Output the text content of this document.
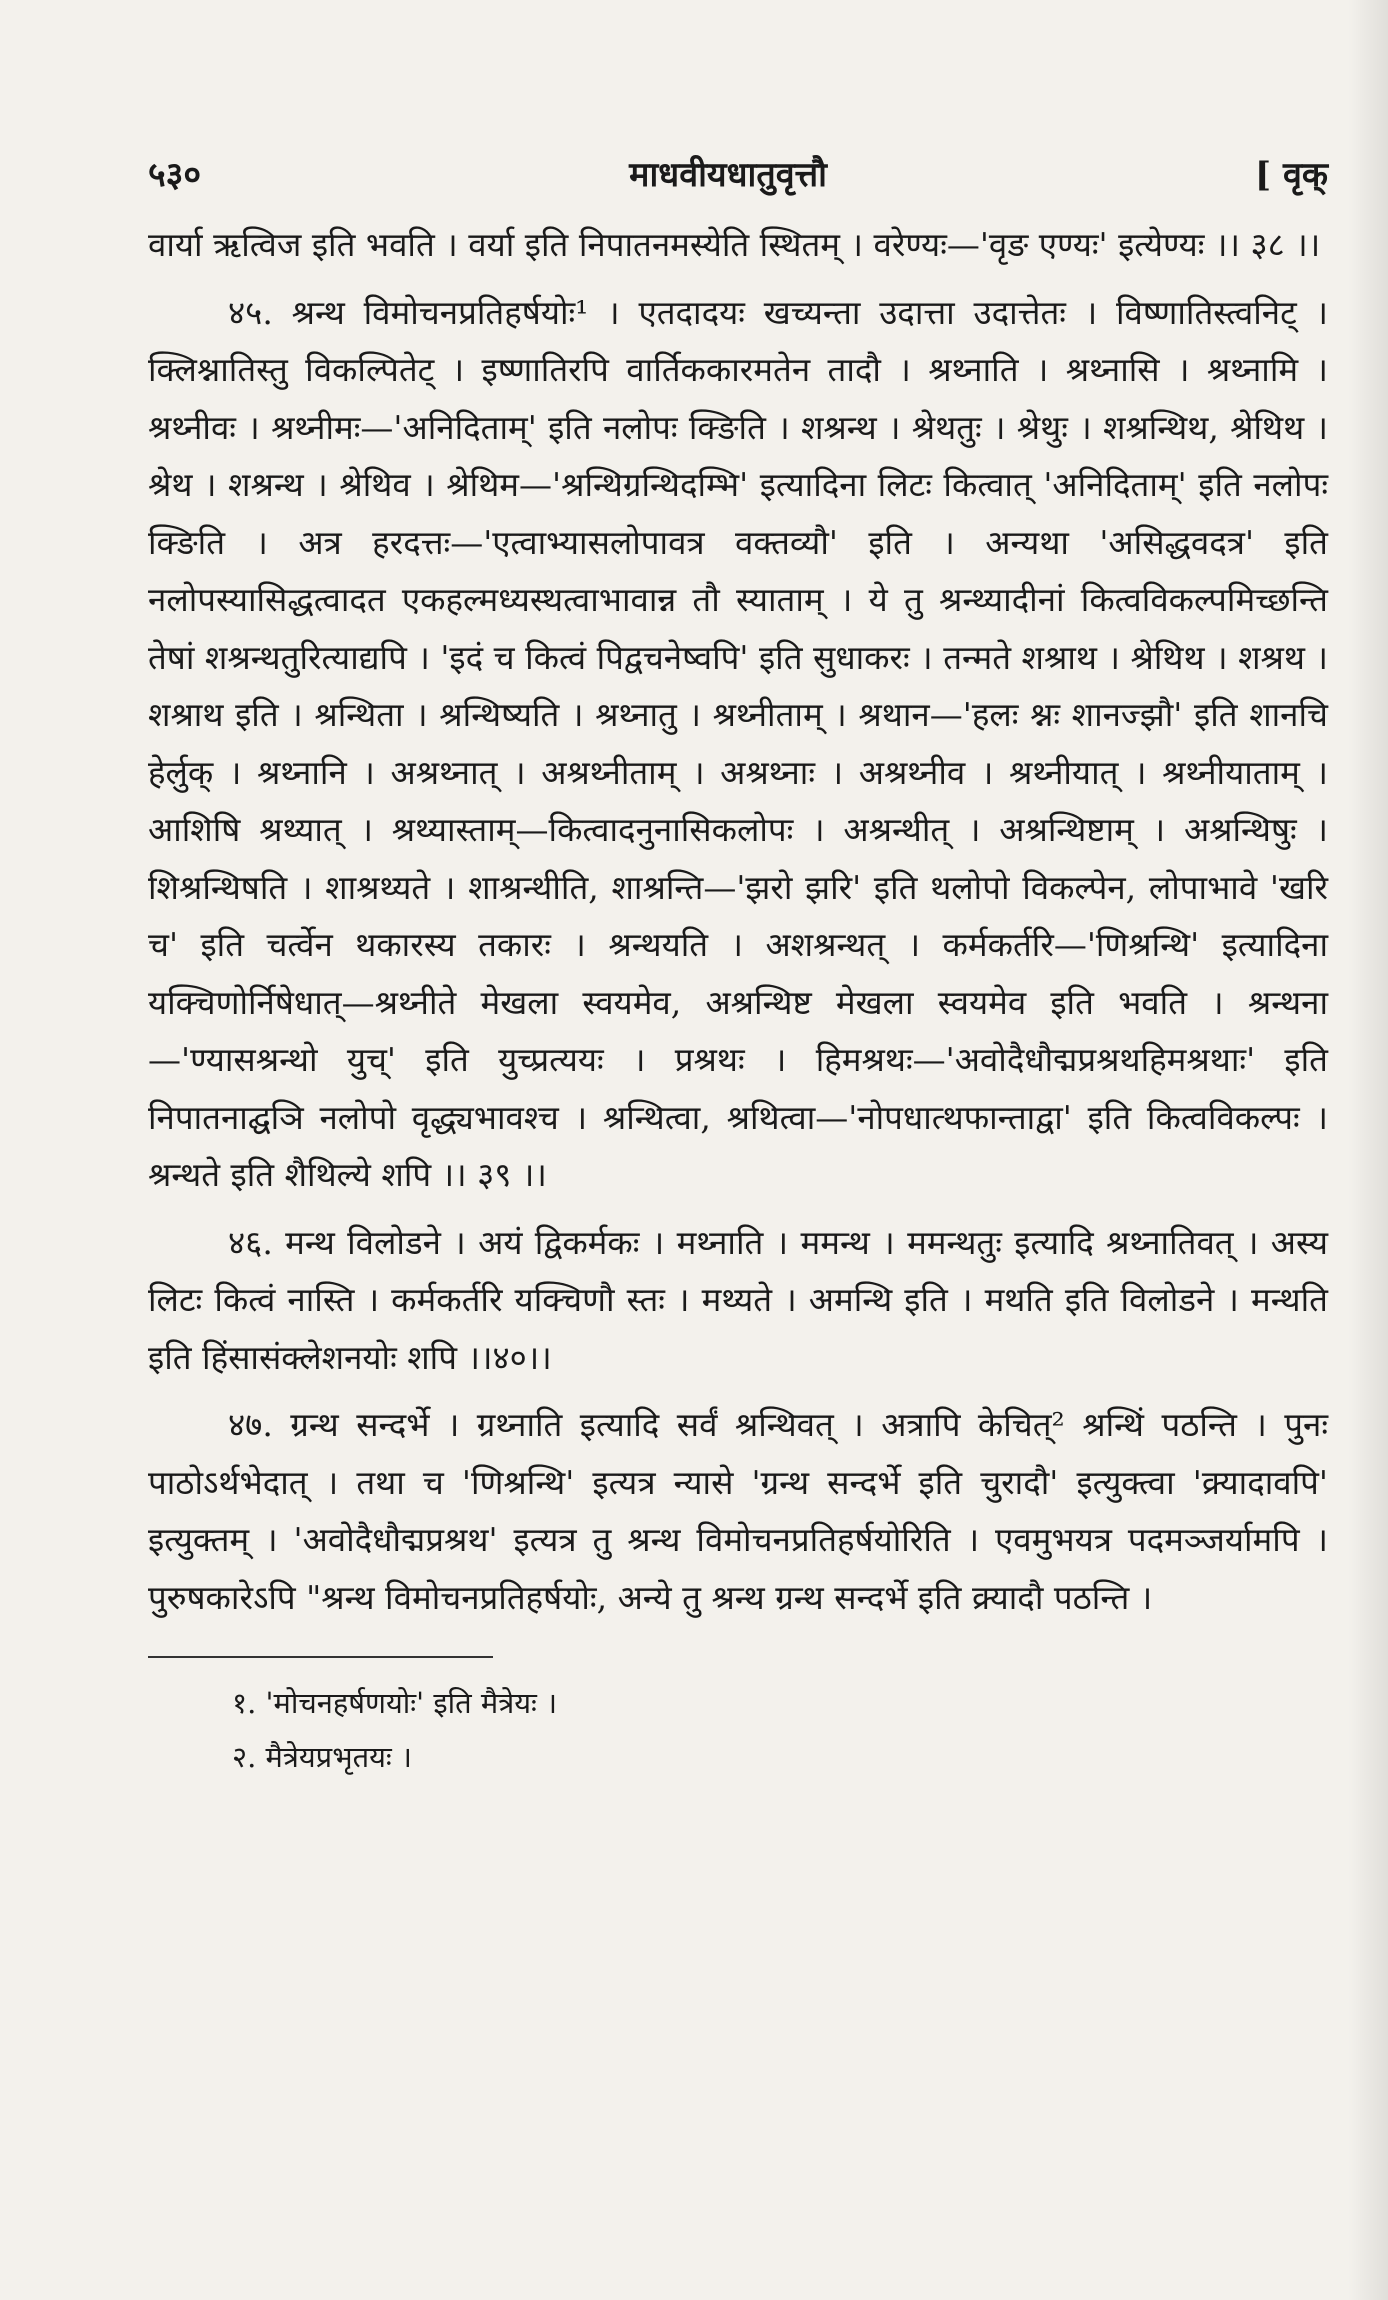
५३०	माधवीयधातुवृत्तौ	[ वृक्

वार्या ऋत्विज इति भवति । वर्या इति निपातनमस्येति स्थितम् । वरेण्यः—'वृङ एण्यः' इत्येण्यः ।। ३८ ।।

४५. श्रन्थ विमोचनप्रतिहर्षयोः¹ । एतदादयः खच्यन्ता उदात्ता उदात्तेतः । विष्णातिस्त्वनिट् । क्लिश्नातिस्तु विकल्पितेट् । इष्णातिरपि वार्तिककारमतेन तादौ । श्रथ्नाति । श्रथ्नासि । श्रथ्नामि । श्रथ्नीवः । श्रथ्नीमः—'अनिदिताम्' इति नलोपः क्ङिति । शश्रन्थ । श्रेथतुः । श्रेथुः । शश्रन्थिथ, श्रेथिथ । श्रेथ । शश्रन्थ । श्रेथिव । श्रेथिम—'श्रन्थिग्रन्थिदम्भि' इत्यादिना लिटः कित्वात् 'अनिदिताम्' इति नलोपः क्ङिति । अत्र हरदत्तः—'एत्वाभ्यासलोपावत्र वक्तव्यौ' इति । अन्यथा 'असिद्धवदत्र' इति नलोपस्यासिद्धत्वादत एकहल्मध्यस्थत्वाभावान्न तौ स्याताम् । ये तु श्रन्थ्यादीनां कित्वविकल्पमिच्छन्ति तेषां शश्रन्थतुरित्याद्यपि । 'इदं च कित्वं पिद्वचनेष्वपि' इति सुधाकरः । तन्मते शश्राथ । श्रेथिथ । शश्रथ । शश्राथ इति । श्रन्थिता । श्रन्थिष्यति । श्रथ्नातु । श्रथ्नीताम् । श्रथान—'हलः श्नः शानज्झौ' इति शानचि हेर्लुक् । श्रथ्नानि । अश्रथ्नात् । अश्रथ्नीताम् । अश्रथ्नाः । अश्रथ्नीव । श्रथ्नीयात् । श्रथ्नीयाताम् । आशिषि श्रथ्यात् । श्रथ्यास्ताम्—कित्वादनुनासिकलोपः । अश्रन्थीत् । अश्रन्थिष्टाम् । अश्रन्थिषुः । शिश्रन्थिषति । शाश्रथ्यते । शाश्रन्थीति, शाश्रन्ति—'झरो झरि' इति थलोपो विकल्पेन, लोपाभावे 'खरि च' इति चर्त्वेन थकारस्य तकारः । श्रन्थयति । अशश्रन्थत् । कर्मकर्तरि—'णिश्रन्थि' इत्यादिना यक्चिणोर्निषेधात्—श्रथ्नीते मेखला स्वयमेव, अश्रन्थिष्ट मेखला स्वयमेव इति भवति । श्रन्थना—'ण्यासश्रन्थो युच्' इति युच्प्रत्ययः । प्रश्रथः । हिमश्रथः—'अवोदैधौद्मप्रश्रथहिमश्रथाः' इति निपातनाद्घञि नलोपो वृद्ध्यभावश्च । श्रन्थित्वा, श्रथित्वा—'नोपधात्थफान्ताद्वा' इति कित्वविकल्पः । श्रन्थते इति शैथिल्ये शपि ।। ३९ ।।

४६. मन्थ विलोडने । अयं द्विकर्मकः । मथ्नाति । ममन्थ । ममन्थतुः इत्यादि श्रथ्नातिवत् । अस्य लिटः कित्वं नास्ति । कर्मकर्तरि यक्चिणौ स्तः । मथ्यते । अमन्थि इति । मथति इति विलोडने । मन्थति इति हिंसासंक्लेशनयोः शपि ।।४०।।

४७. ग्रन्थ सन्दर्भे । ग्रथ्नाति इत्यादि सर्वं श्रन्थिवत् । अत्रापि केचित्² श्रन्थिं पठन्ति । पुनः पाठोऽर्थभेदात् । तथा च 'णिश्रन्थि' इत्यत्र न्यासे 'ग्रन्थ सन्दर्भे इति चुरादौ' इत्युक्त्वा 'क्र्यादावपि' इत्युक्तम् । 'अवोदैधौद्मप्रश्रथ' इत्यत्र तु श्रन्थ विमोचनप्रतिहर्षयोरिति । एवमुभयत्र पदमञ्जर्यामपि । पुरुषकारेऽपि "श्रन्थ विमोचनप्रतिहर्षयोः, अन्ये तु श्रन्थ ग्रन्थ सन्दर्भे इति क्र्यादौ पठन्ति ।

१. 'मोचनहर्षणयोः' इति मैत्रेयः ।
२. मैत्रेयप्रभृतयः ।
